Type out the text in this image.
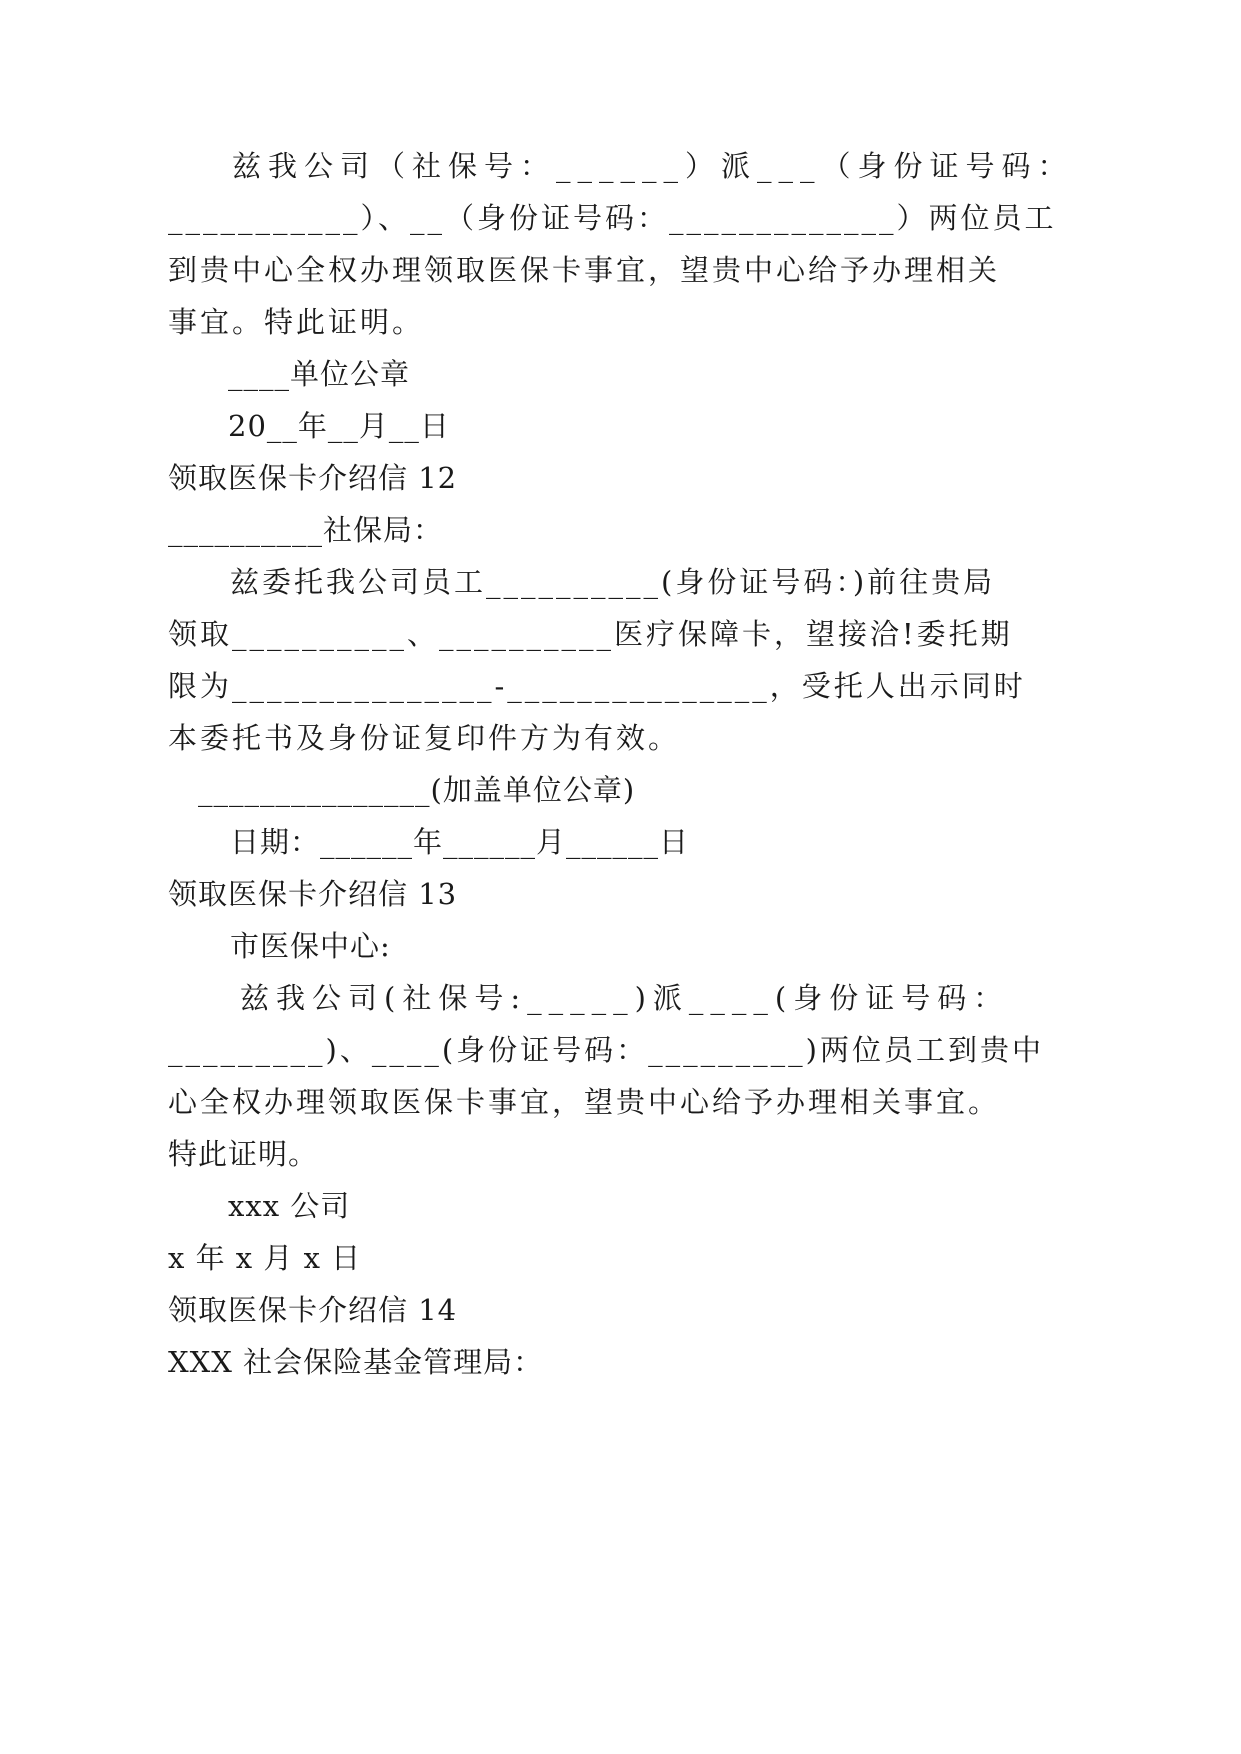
兹我公司（社保号：______）派___（身份证号码：
___________）、__（身份证号码：_____________）两位员工
到贵中心全权办理领取医保卡事宜，望贵中心给予办理相关
事宜。特此证明。
____单位公章
20__年__月__日
领取医保卡介绍信 12
__________社保局：
兹委托我公司员工__________(身份证号码：)前往贵局
领取__________、__________医疗保障卡，望接洽!委托期
限为_______________-_______________，受托人出示同时
本委托书及身份证复印件方为有效。
_______________(加盖单位公章)
日期：______年______月______日
领取医保卡介绍信 13
市医保中心:
兹我公司(社保号:_____)派____(身份证号码：
_________)、____(身份证号码：_________)两位员工到贵中
心全权办理领取医保卡事宜，望贵中心给予办理相关事宜。
特此证明。
xxx 公司
x 年 x 月 x 日
领取医保卡介绍信 14
XXX 社会保险基金管理局：
